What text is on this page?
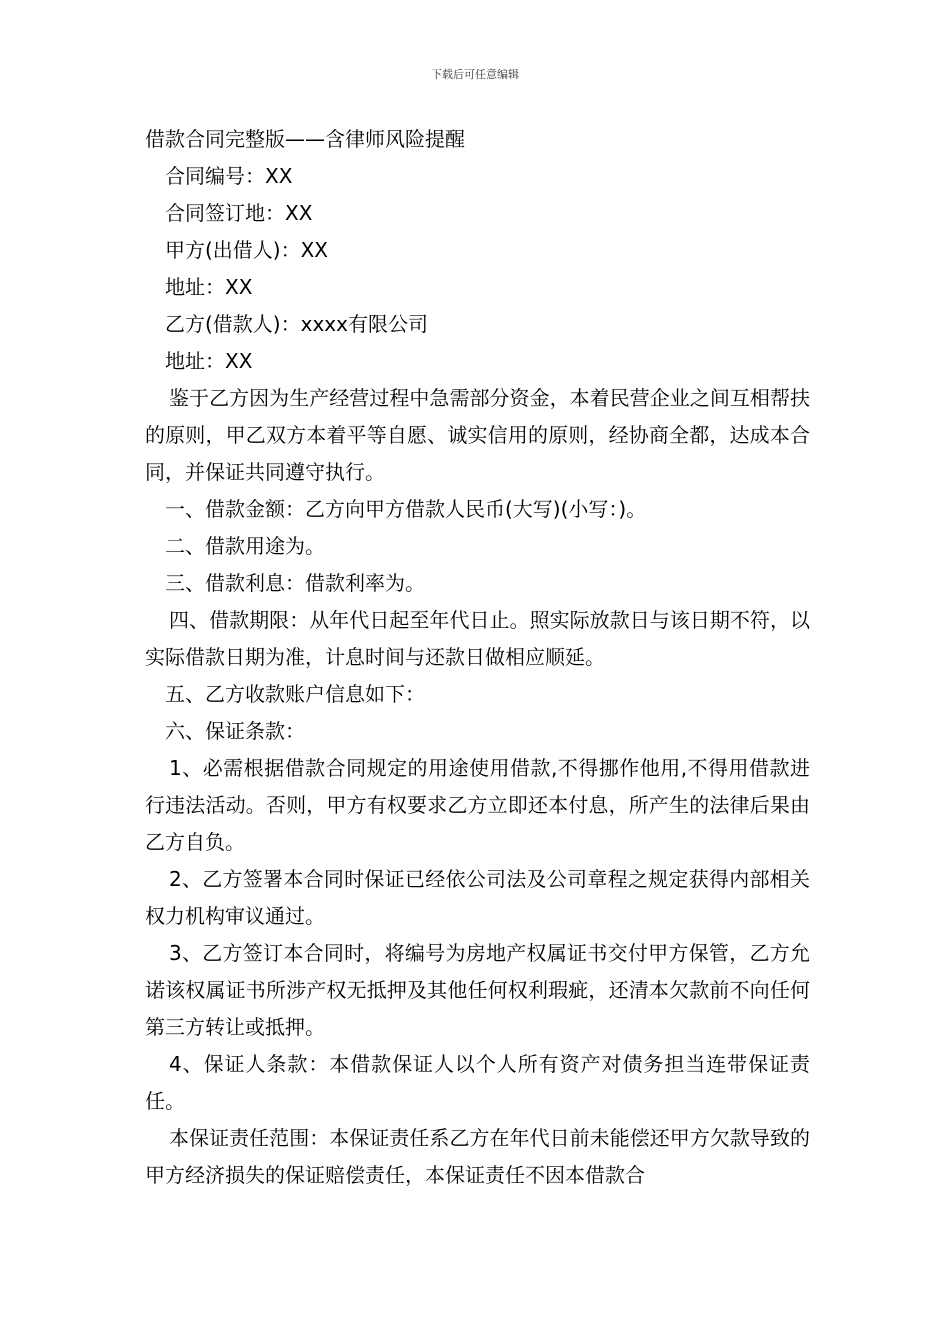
下载后可任意编辑

借款合同完整版——含律师风险提醒

合同编号：XX

合同签订地：XX

甲方(出借人)：XX

地址：XX

乙方(借款人)：xxxx有限公司

地址：XX

鉴于乙方因为生产经营过程中急需部分资金，本着民营企业之间互相帮扶的原则，甲乙双方本着平等自愿、诚实信用的原则，经协商全都，达成本合同，并保证共同遵守执行。

一、借款金额：乙方向甲方借款人民币(大写)(小写：)。

二、借款用途为。

三、借款利息：借款利率为。

四、借款期限：从年代日起至年代日止。照实际放款日与该日期不符，以实际借款日期为准，计息时间与还款日做相应顺延。

五、乙方收款账户信息如下：

六、保证条款：

1、必需根据借款合同规定的用途使用借款,不得挪作他用,不得用借款进行违法活动。否则，甲方有权要求乙方立即还本付息，所产生的法律后果由乙方自负。

2、乙方签署本合同时保证已经依公司法及公司章程之规定获得内部相关权力机构审议通过。

3、乙方签订本合同时，将编号为房地产权属证书交付甲方保管，乙方允诺该权属证书所涉产权无抵押及其他任何权利瑕疵，还清本欠款前不向任何第三方转让或抵押。

4、保证人条款：本借款保证人以个人所有资产对债务担当连带保证责任。

本保证责任范围：本保证责任系乙方在年代日前未能偿还甲方欠款导致的甲方经济损失的保证赔偿责任，本保证责任不因本借款合
